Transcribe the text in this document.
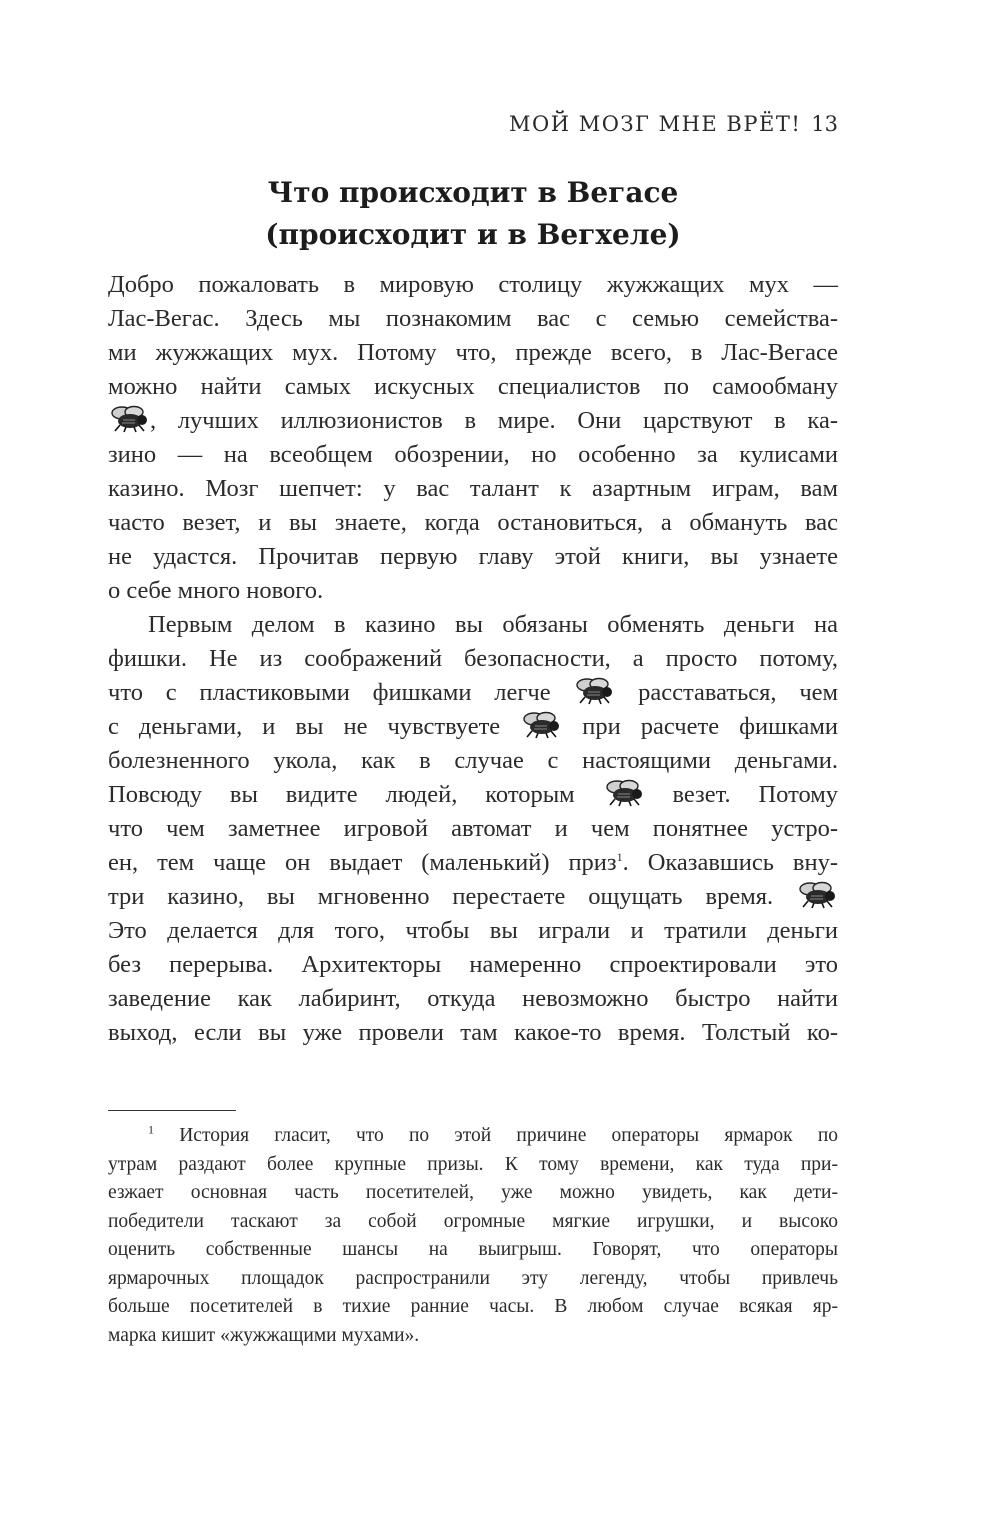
МОЙ МОЗГ МНЕ ВРЁТ! 13
Что происходит в Вегасе
(происходит и в Вегхеле)
Добро пожаловать в мировую столицу жужжащих мух —
Лас-Вегас. Здесь мы познакомим вас с семью семейства-
ми жужжащих мух. Потому что, прежде всего, в Лас-Вегасе
можно найти самых искусных специалистов по самообману
, лучших иллюзионистов в мире. Они царствуют в ка-
зино — на всеобщем обозрении, но особенно за кулисами
казино. Мозг шепчет: у вас талант к азартным играм, вам
часто везет, и вы знаете, когда остановиться, а обмануть вас
не удастся. Прочитав первую главу этой книги, вы узнаете
о себе много нового.
Первым делом в казино вы обязаны обменять деньги на
фишки. Не из соображений безопасности, а просто потому,
что с пластиковыми фишками легче	расставаться, чем
с деньгами, и вы не чувствуете	при расчете фишками
болезненного укола, как в случае с настоящими деньгами.
Повсюду вы видите людей, которым	везет. Потому
что чем заметнее игровой автомат и чем понятнее устро-
ен, тем чаще он выдает (маленький) приз$^1$. Оказавшись вну-
три казино, вы мгновенно перестаете ощущать время.
Это делается для того, чтобы вы играли и тратили деньги
без перерыва. Архитекторы намеренно спроектировали это
заведение как лабиринт, откуда невозможно быстро найти
выход, если вы уже провели там какое-то время. Толстый ко-
$^1$ История гласит, что по этой причине операторы ярмарок по
утрам раздают более крупные призы. К тому времени, как туда при-
езжает основная часть посетителей, уже можно увидеть, как дети-
победители таскают за собой огромные мягкие игрушки, и высоко
оценить собственные шансы на выигрыш. Говорят, что операторы
ярмарочных площадок распространили эту легенду, чтобы привлечь
больше посетителей в тихие ранние часы. В любом случае всякая яр-
марка кишит «жужжащими мухами».
